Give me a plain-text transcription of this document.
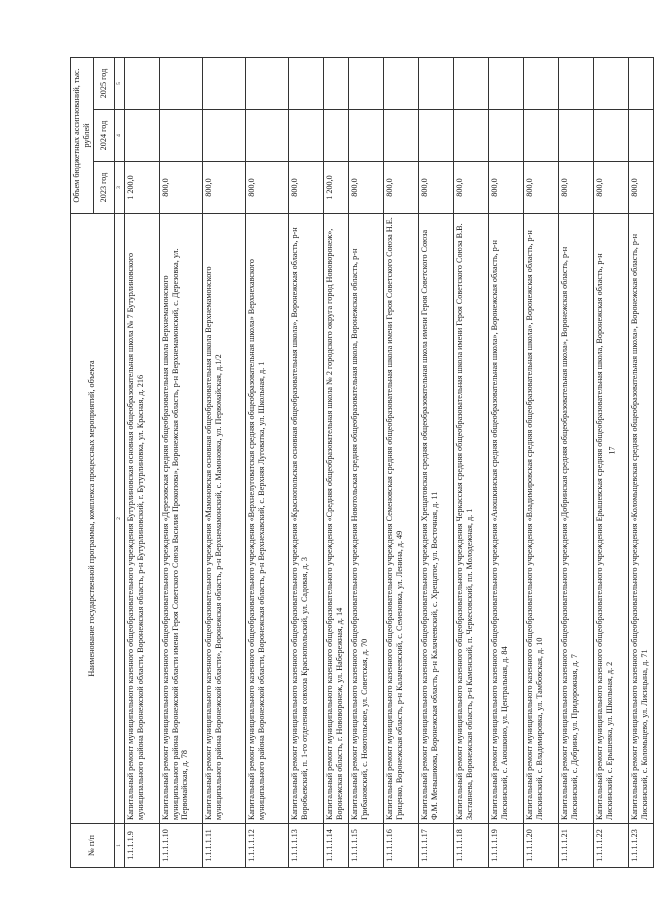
17
№ п/п	Наименование государственной программы, комплекса процессных мероприятий, объекта	Объем бюджетных ассигнований, тыс. рублей		
		2023 год	2024 год	2025 год
1	2	3	4	5
1.1.1.1.9	Капитальный ремонт муниципального казенного общеобразовательного учреждения Бутурлиновская основная общеобразовательная школа № 7 Бутурлиновского муниципального района Воронежской области, Воронежская область, р-н Бутурлиновский, г. Бутурлиновка, ул. Красная, д. 216	1 200,0		
1.1.1.1.10	Капитальный ремонт муниципального казенного общеобразовательного учреждения «Дерезовская средняя общеобразовательная школа Верхнемамонского муниципального района Воронежской области имени Героя Советского Союза Василия Прокопова», Воронежская область, р-н Верхнемамонский, с. Дерезовка, ул. Первомайская, д. 78	800,0		
1.1.1.1.11	Капитальный ремонт муниципального казенного общеобразовательного учреждения «Мамоновская основная общеобразовательная школа Верхнемамонского муниципального района Воронежской области», Воронежская область, р-н Верхнемамонский, с. Мамоновка, ул. Первомайская, д.1/2	800,0		
1.1.1.1.12	Капитальный ремонт муниципального казенного общеобразовательного учреждения «Верхнелуговатская средняя общеобразовательная школа» Верхнехавского муниципального района Воронежской области, Воронежская область, р-н Верхнехавский, с. Верхняя Луговатка, ул. Школьная, д. 1	800,0		
1.1.1.1.13	Капитальный ремонт муниципального казенного общеобразовательного учреждения «Краснопольская основная общеобразовательная школа», Воронежская область, р-н Воробьевский, п. 1-го отделения совхоза Краснопольский, ул. Садовая, д. 3	800,0		
1.1.1.1.14	Капитальный ремонт муниципального казенного общеобразовательного учреждения «Средняя общеобразовательная школа № 2 городского округа город Нововоронеж», Воронежская область, г. Нововоронеж, ул. Набережная, д. 14	1 200,0		
1.1.1.1.15	Капитальный ремонт муниципального казенного общеобразовательного учреждения Новотольская средняя общеобразовательная школа, Воронежская область, р-н Грибановский, с. Новотольское, ул. Советская, д. 70	800,0		
1.1.1.1.16	Капитальный ремонт муниципального казенного общеобразовательного учреждения Семеновская средняя общеобразовательная школа имени Героя Советского Союза Н.Е. Гриценко, Воронежская область, р-н Калачеевский, с. Семеновка, ул. Ленина, д. 49	800,0		
1.1.1.1.17	Капитальный ремонт муниципального казенного общеобразовательного учреждения Хрещатовская средняя общеобразовательная школа имени Героя Советского Союза Ф.М. Меньшикова, Воронежская область, р-н Калачеевский, с. Хрещатое, ул. Восточная, д. 11	800,0		
1.1.1.1.18	Капитальный ремонт муниципального казенного общеобразовательного учреждения Черкасская средняя общеобразовательная школа имени Героя Советского Союза В.В. Заставнева, Воронежская область, р-н Каменский, п. Черкесовский, пл. Молодежная, д. 1	800,0		
1.1.1.1.19	Капитальный ремонт муниципального казенного общеобразовательного учреждения «Аношкинская средняя общеобразовательная школа», Воронежская область, р-н Лискинский, с. Аношкино, ул. Центральная, д. 84	800,0		
1.1.1.1.20	Капитальный ремонт муниципального казенного общеобразовательного учреждения «Владимировская средняя общеобразовательная школа», Воронежская область, р-н Лискинский, с. Владимировка, ул. Тамбовская, д. 10	800,0		
1.1.1.1.21	Капитальный ремонт муниципального казенного общеобразовательного учреждения «Добринская средняя общеобразовательная школа», Воронежская область, р-н Лискинский, с. Добрино, ул. Придорожная, д. 7	800,0		
1.1.1.1.22	Капитальный ремонт муниципального казенного общеобразовательного учреждения Ерышевская средняя общеобразовательная школа, Воронежская область, р-н Лискинский, с. Ерышевка, ул. Школьная, д. 2	800,0		
1.1.1.1.23	Капитальный ремонт муниципального казенного общеобразовательного учреждения «Коломыцевская средняя общеобразовательная школа», Воронежская область, р-н Лискинский, с. Коломыцево, ул. Лисицына, д. 71	800,0		
